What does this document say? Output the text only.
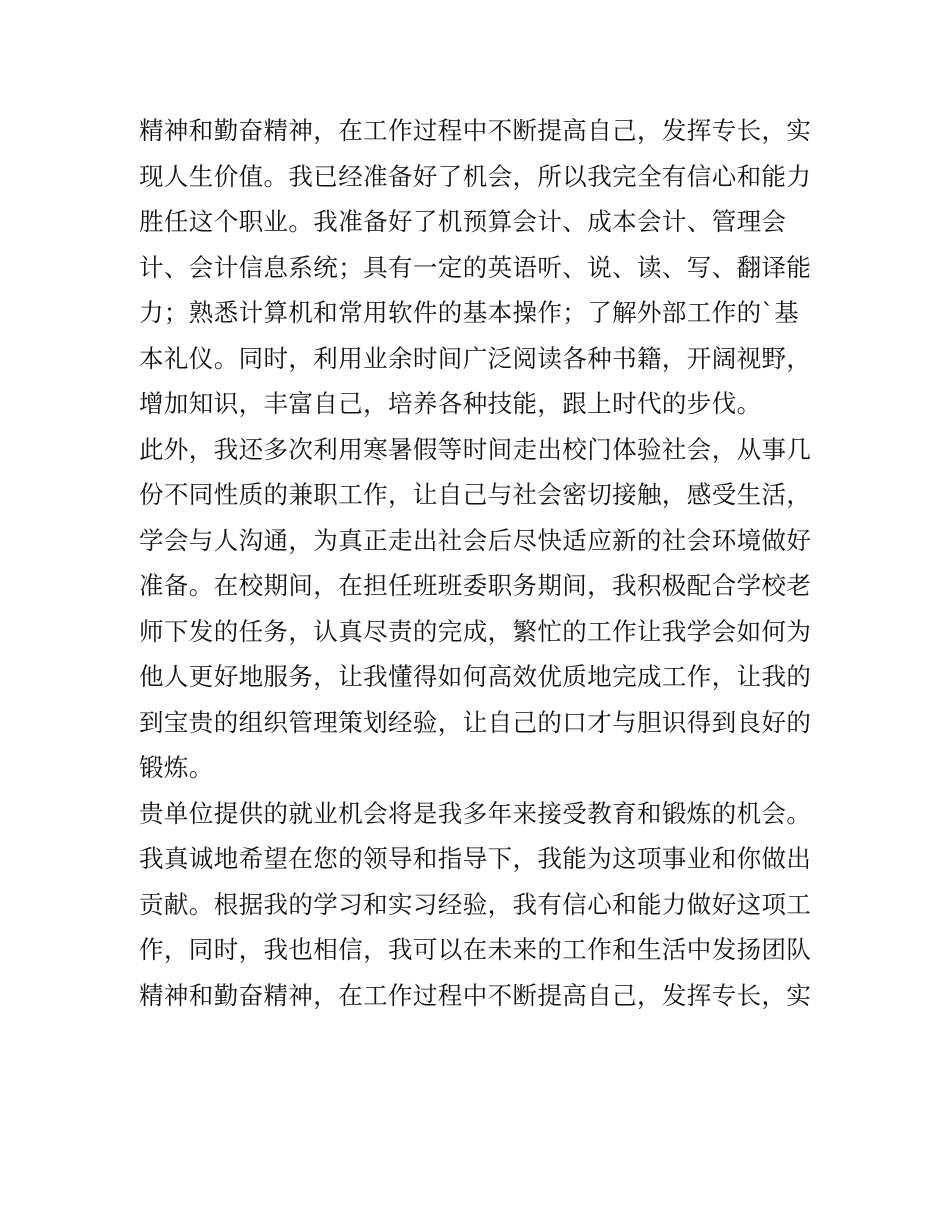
精神和勤奋精神，在工作过程中不断提高自己，发挥专长，实
现人生价值。我已经准备好了机会，所以我完全有信心和能力
胜任这个职业。我准备好了机预算会计、成本会计、管理会
计、会计信息系统；具有一定的英语听、说、读、写、翻译能
力；熟悉计算机和常用软件的基本操作；了解外部工作的`基
本礼仪。同时，利用业余时间广泛阅读各种书籍，开阔视野，
增加知识，丰富自己，培养各种技能，跟上时代的步伐。
此外，我还多次利用寒暑假等时间走出校门体验社会，从事几
份不同性质的兼职工作，让自己与社会密切接触，感受生活，
学会与人沟通，为真正走出社会后尽快适应新的社会环境做好
准备。在校期间，在担任班班委职务期间，我积极配合学校老
师下发的任务，认真尽责的完成，繁忙的工作让我学会如何为
他人更好地服务，让我懂得如何高效优质地完成工作，让我的
到宝贵的组织管理策划经验，让自己的口才与胆识得到良好的
锻炼。
贵单位提供的就业机会将是我多年来接受教育和锻炼的机会。
我真诚地希望在您的领导和指导下，我能为这项事业和你做出
贡献。根据我的学习和实习经验，我有信心和能力做好这项工
作，同时，我也相信，我可以在未来的工作和生活中发扬团队
精神和勤奋精神，在工作过程中不断提高自己，发挥专长，实
